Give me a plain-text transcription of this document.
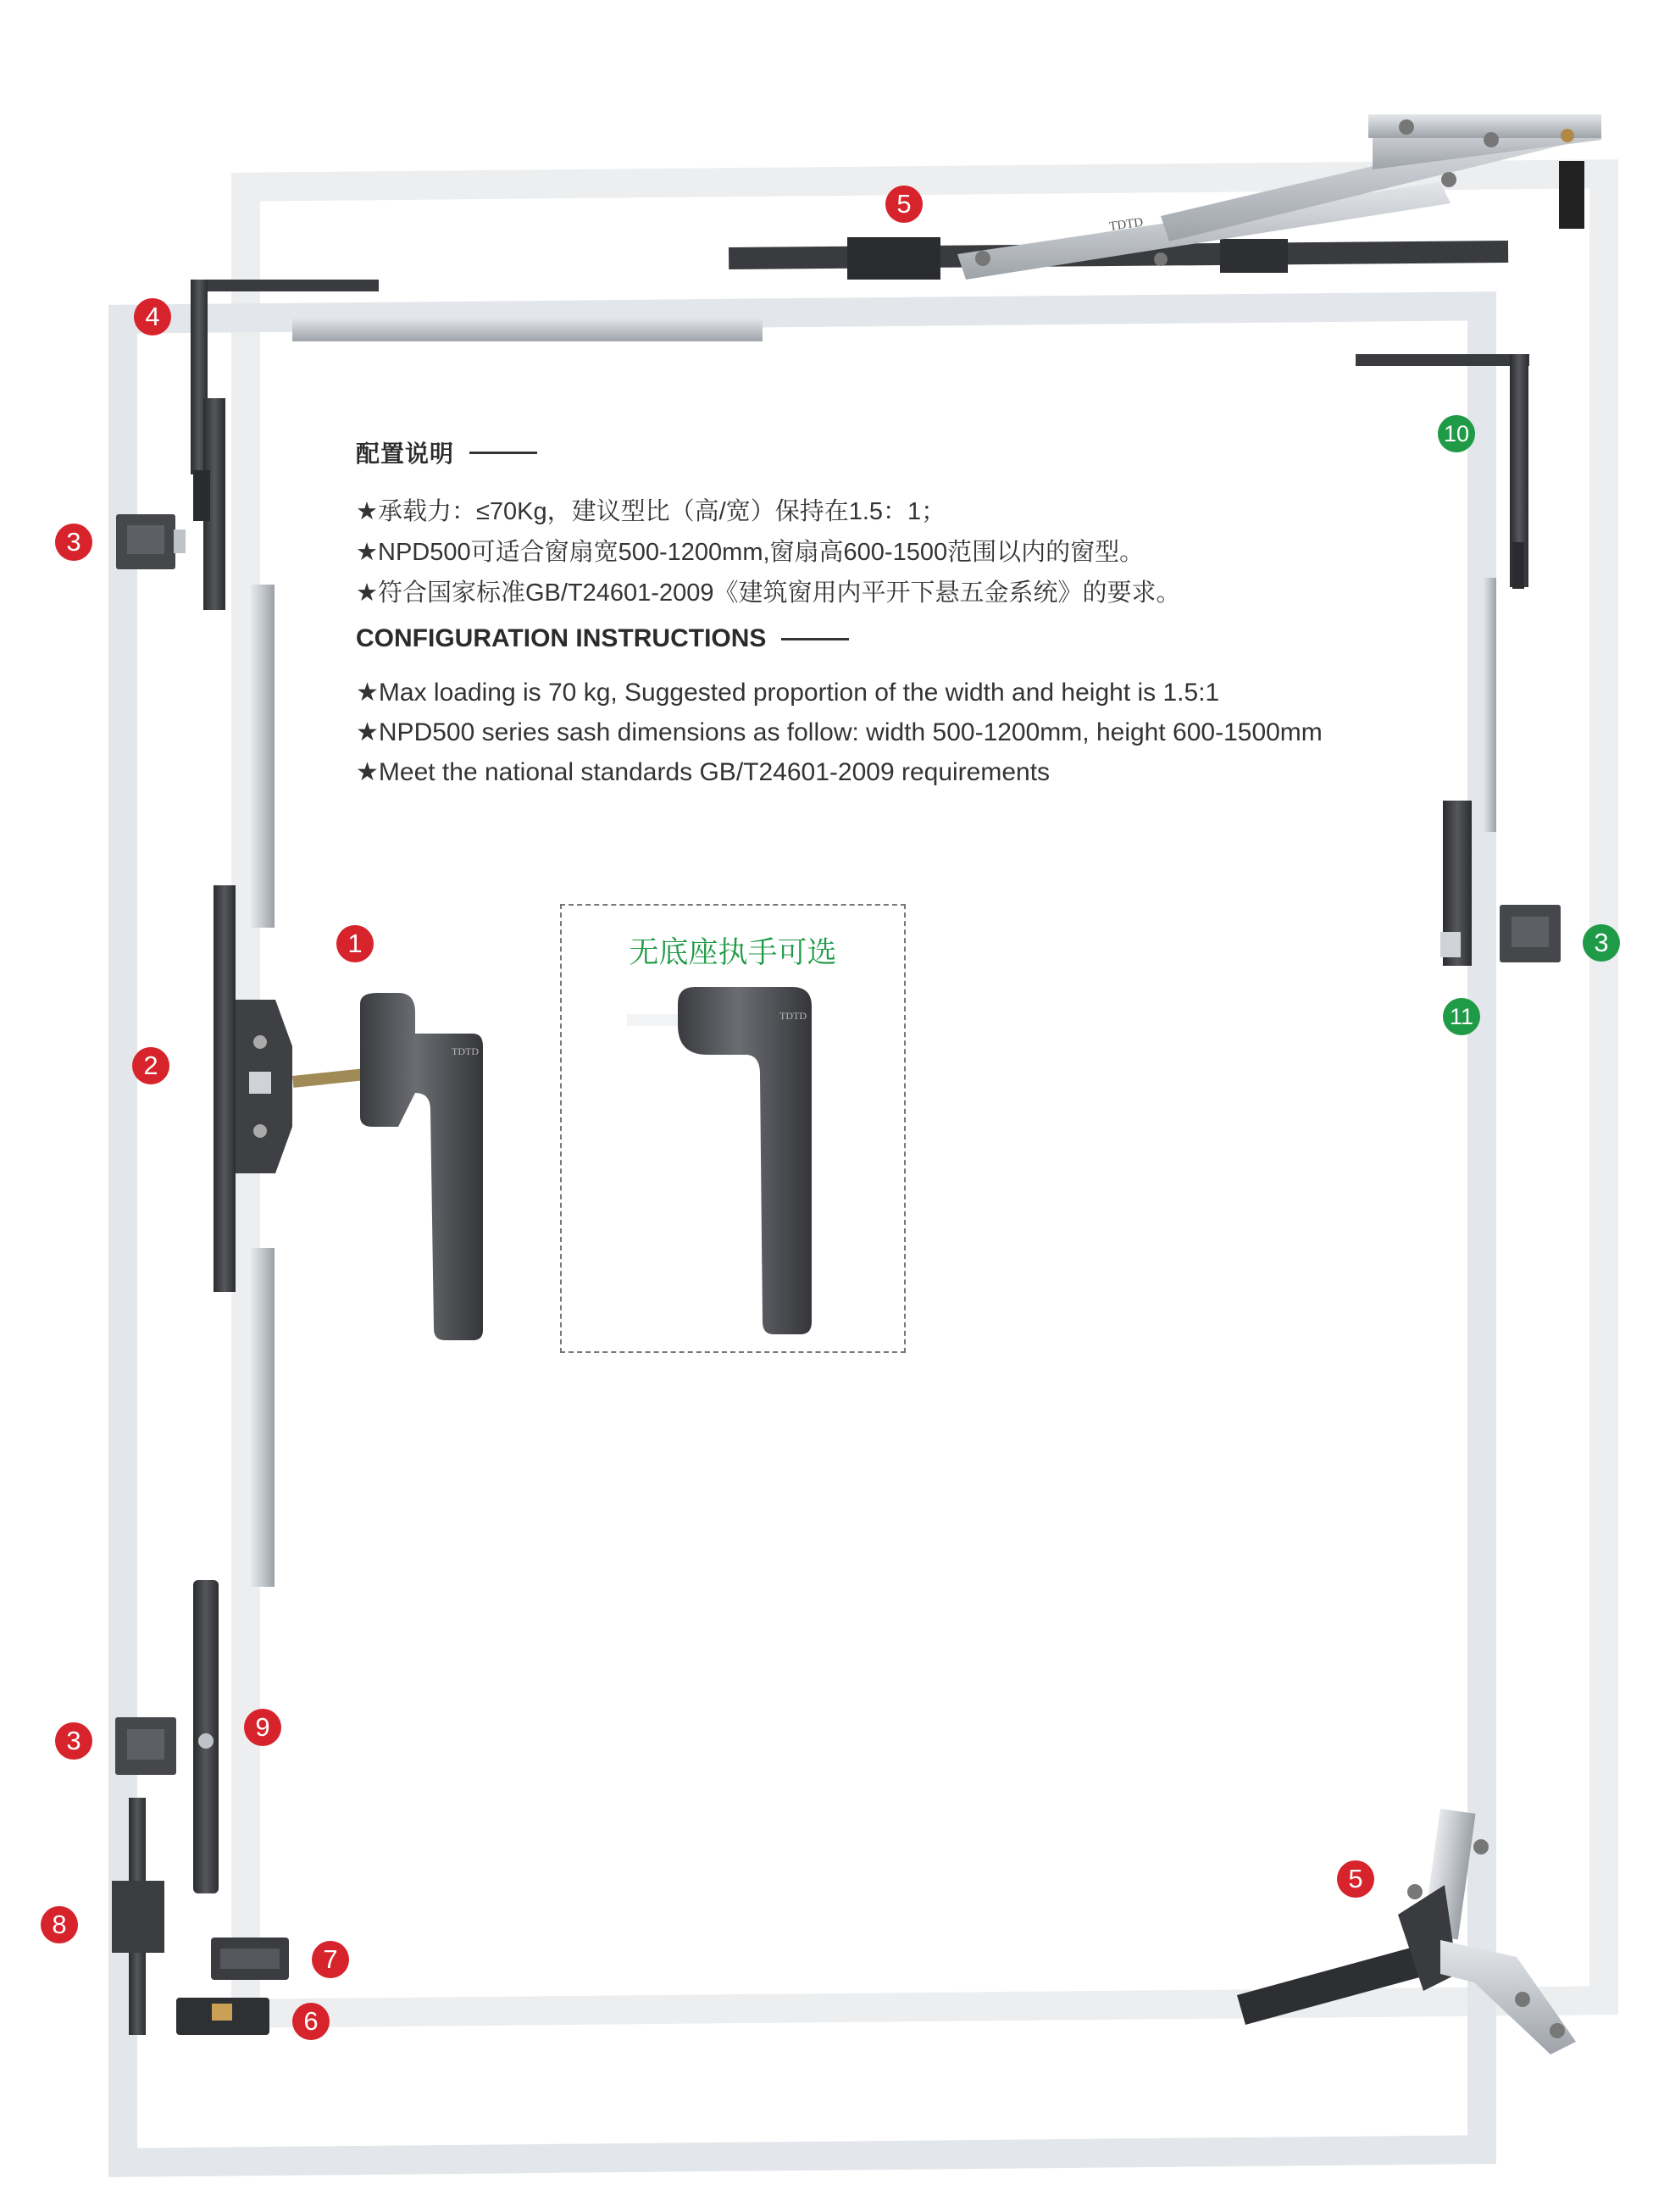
TDTD
TDTD
TDTD
5
4
3
10
1
2
3
11
3	9
8
7
6
5
配置说明
★承载力：≤70Kg，建议型比（高/宽）保持在1.5：1；
★NPD500可适合窗扇宽500-1200mm,窗扇高600-1500范围以内的窗型。
★符合国家标准GB/T24601-2009《建筑窗用内平开下悬五金系统》的要求。
CONFIGURATION INSTRUCTIONS
★Max loading is 70 kg, Suggested proportion of the width and height is 1.5:1
★NPD500 series sash dimensions as follow: width 500-1200mm, height 600-1500mm
★Meet the national standards GB/T24601-2009 requirements
无底座执手可选
